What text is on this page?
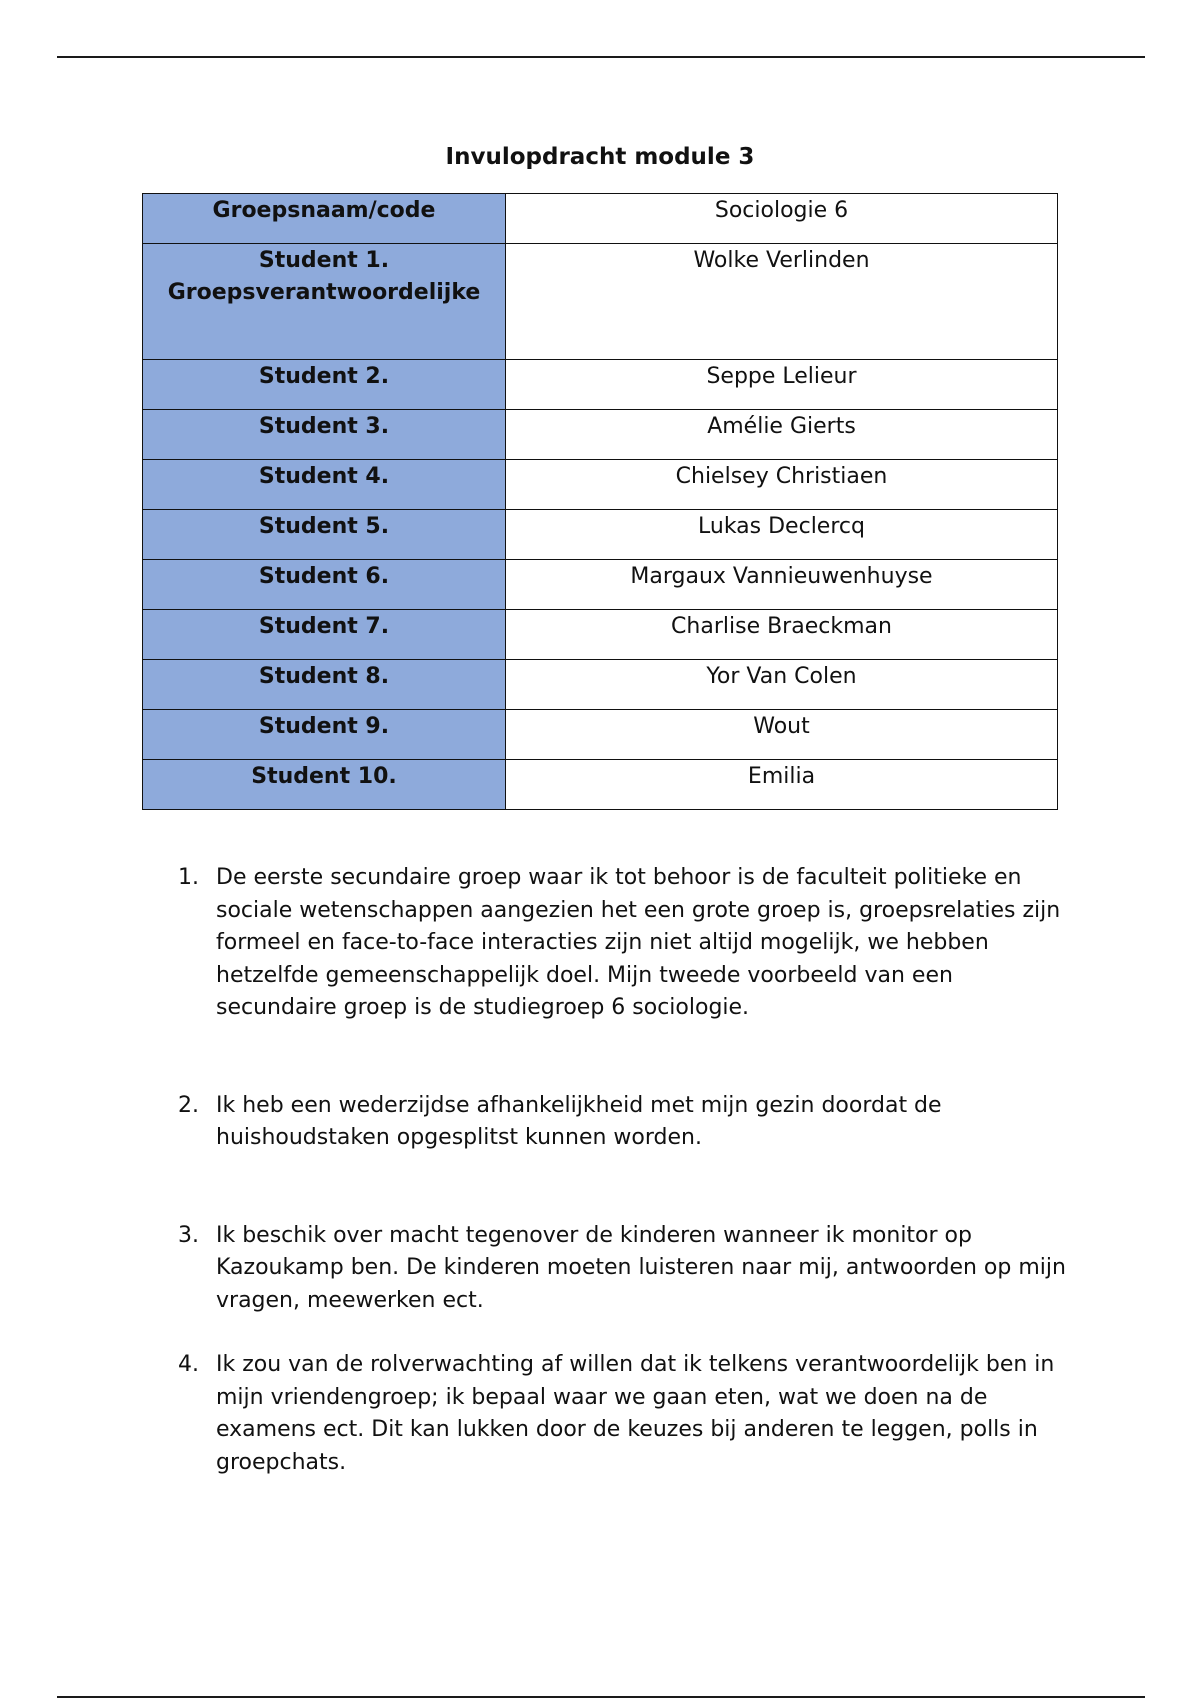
Invulopdracht module 3
Groepsnaam/code	Sociologie 6
Student 1. Groepsverantwoordelijke	Wolke Verlinden
Student 2.	Seppe Lelieur
Student 3.	Amélie Gierts
Student 4.	Chielsey Christiaen
Student 5.	Lukas Declercq
Student 6.	Margaux Vannieuwenhuyse
Student 7.	Charlise Braeckman
Student 8.	Yor Van Colen
Student 9.	Wout
Student 10.	Emilia
1. De eerste secundaire groep waar ik tot behoor is de faculteit politieke en sociale wetenschappen aangezien het een grote groep is, groepsrelaties zijn formeel en face-to-face interacties zijn niet altijd mogelijk, we hebben hetzelfde gemeenschappelijk doel. Mijn tweede voorbeeld van een secundaire groep is de studiegroep 6 sociologie.
2. Ik heb een wederzijdse afhankelijkheid met mijn gezin doordat de huishoudstaken opgesplitst kunnen worden.
3. Ik beschik over macht tegenover de kinderen wanneer ik monitor op Kazoukamp ben. De kinderen moeten luisteren naar mij, antwoorden op mijn vragen, meewerken ect.
4. Ik zou van de rolverwachting af willen dat ik telkens verantwoordelijk ben in mijn vriendengroep; ik bepaal waar we gaan eten, wat we doen na de examens ect. Dit kan lukken door de keuzes bij anderen te leggen, polls in groepchats.
